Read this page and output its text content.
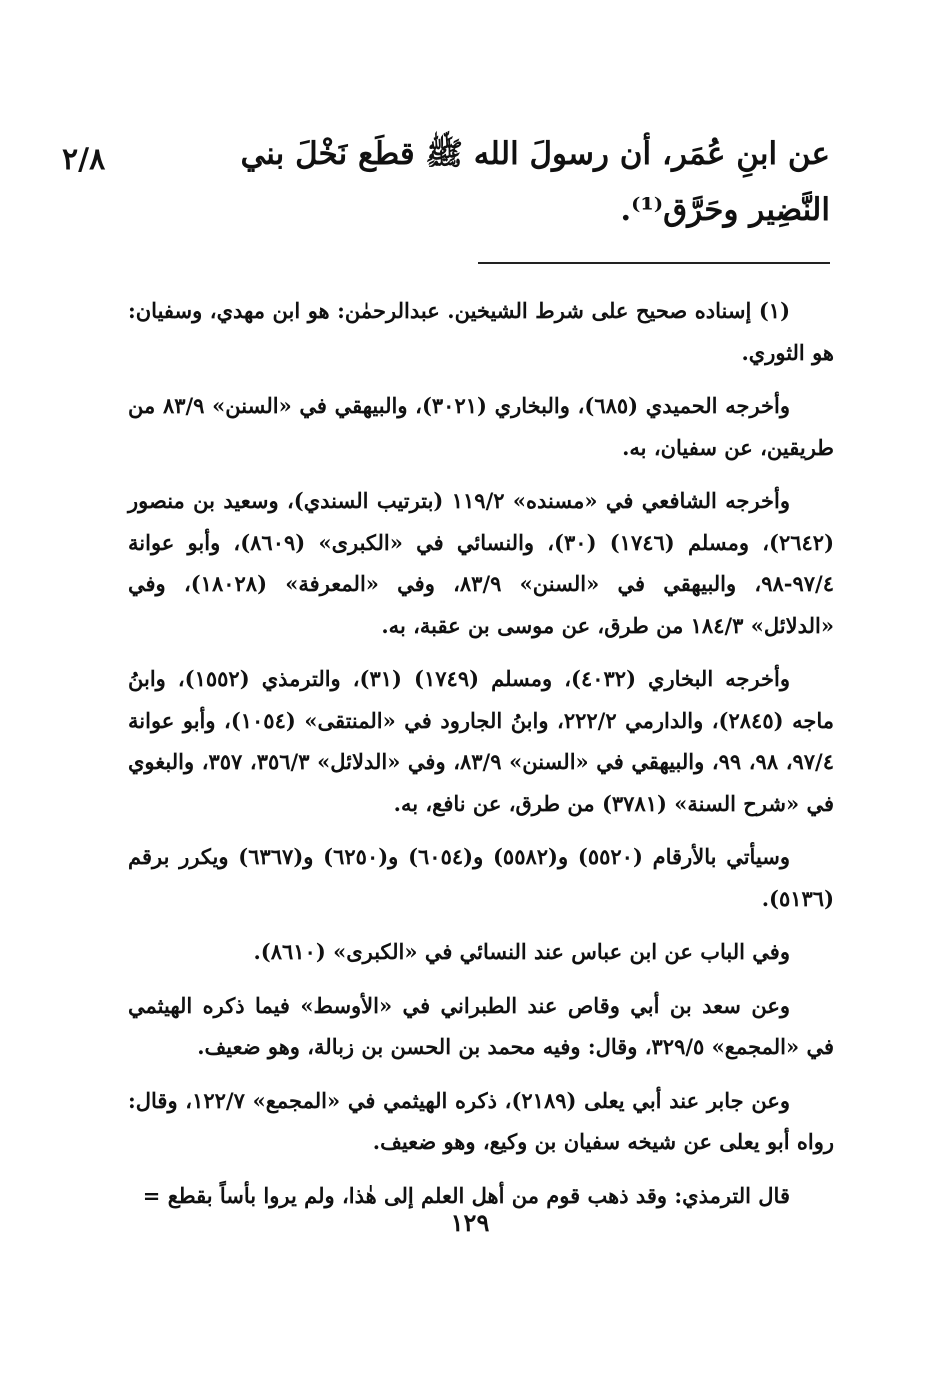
٢/٨	عن ابنِ عُمَر، أن رسولَ الله ﷺ قطَع نَخْلَ بني النَّضِير وحَرَّق⁽¹⁾.

(١) إسناده صحيح على شرط الشيخين. عبدالرحمٰن: هو ابن مهدي، وسفيان: هو الثوري.

وأخرجه الحميدي (٦٨٥)، والبخاري (٣٠٢١)، والبيهقي في «السنن» ٨٣/٩ من طريقين، عن سفيان، به.

وأخرجه الشافعي في «مسنده» ١١٩/٢ (بترتيب السندي)، وسعيد بن منصور (٢٦٤٢)، ومسلم (١٧٤٦) (٣٠)، والنسائي في «الكبرى» (٨٦٠٩)، وأبو عوانة ٩٧/٤-٩٨، والبيهقي في «السنن» ٨٣/٩، وفي «المعرفة» (١٨٠٢٨)، وفي «الدلائل» ١٨٤/٣ من طرق، عن موسى بن عقبة، به.

وأخرجه البخاري (٤٠٣٢)، ومسلم (١٧٤٩) (٣١)، والترمذي (١٥٥٢)، وابنُ ماجه (٢٨٤٥)، والدارمي ٢٢٢/٢، وابنُ الجارود في «المنتقى» (١٠٥٤)، وأبو عوانة ٩٧/٤، ٩٨، ٩٩، والبيهقي في «السنن» ٨٣/٩، وفي «الدلائل» ٣٥٦/٣، ٣٥٧، والبغوي في «شرح السنة» (٣٧٨١) من طرق، عن نافع، به.

وسيأتي بالأرقام (٥٥٢٠) و(٥٥٨٢) و(٦٠٥٤) و(٦٢٥٠) و(٦٣٦٧) ويكرر برقم (٥١٣٦).

وفي الباب عن ابن عباس عند النسائي في «الكبرى» (٨٦١٠).

وعن سعد بن أبي وقاص عند الطبراني في «الأوسط» فيما ذكره الهيثمي في «المجمع» ٣٢٩/٥، وقال: وفيه محمد بن الحسن بن زبالة، وهو ضعيف.

وعن جابر عند أبي يعلى (٢١٨٩)، ذكره الهيثمي في «المجمع» ١٢٢/٧، وقال: رواه أبو يعلى عن شيخه سفيان بن وكيع، وهو ضعيف.

قال الترمذي: وقد ذهب قوم من أهل العلم إلى هٰذا، ولم يروا بأساً بقطع =

١٢٩
